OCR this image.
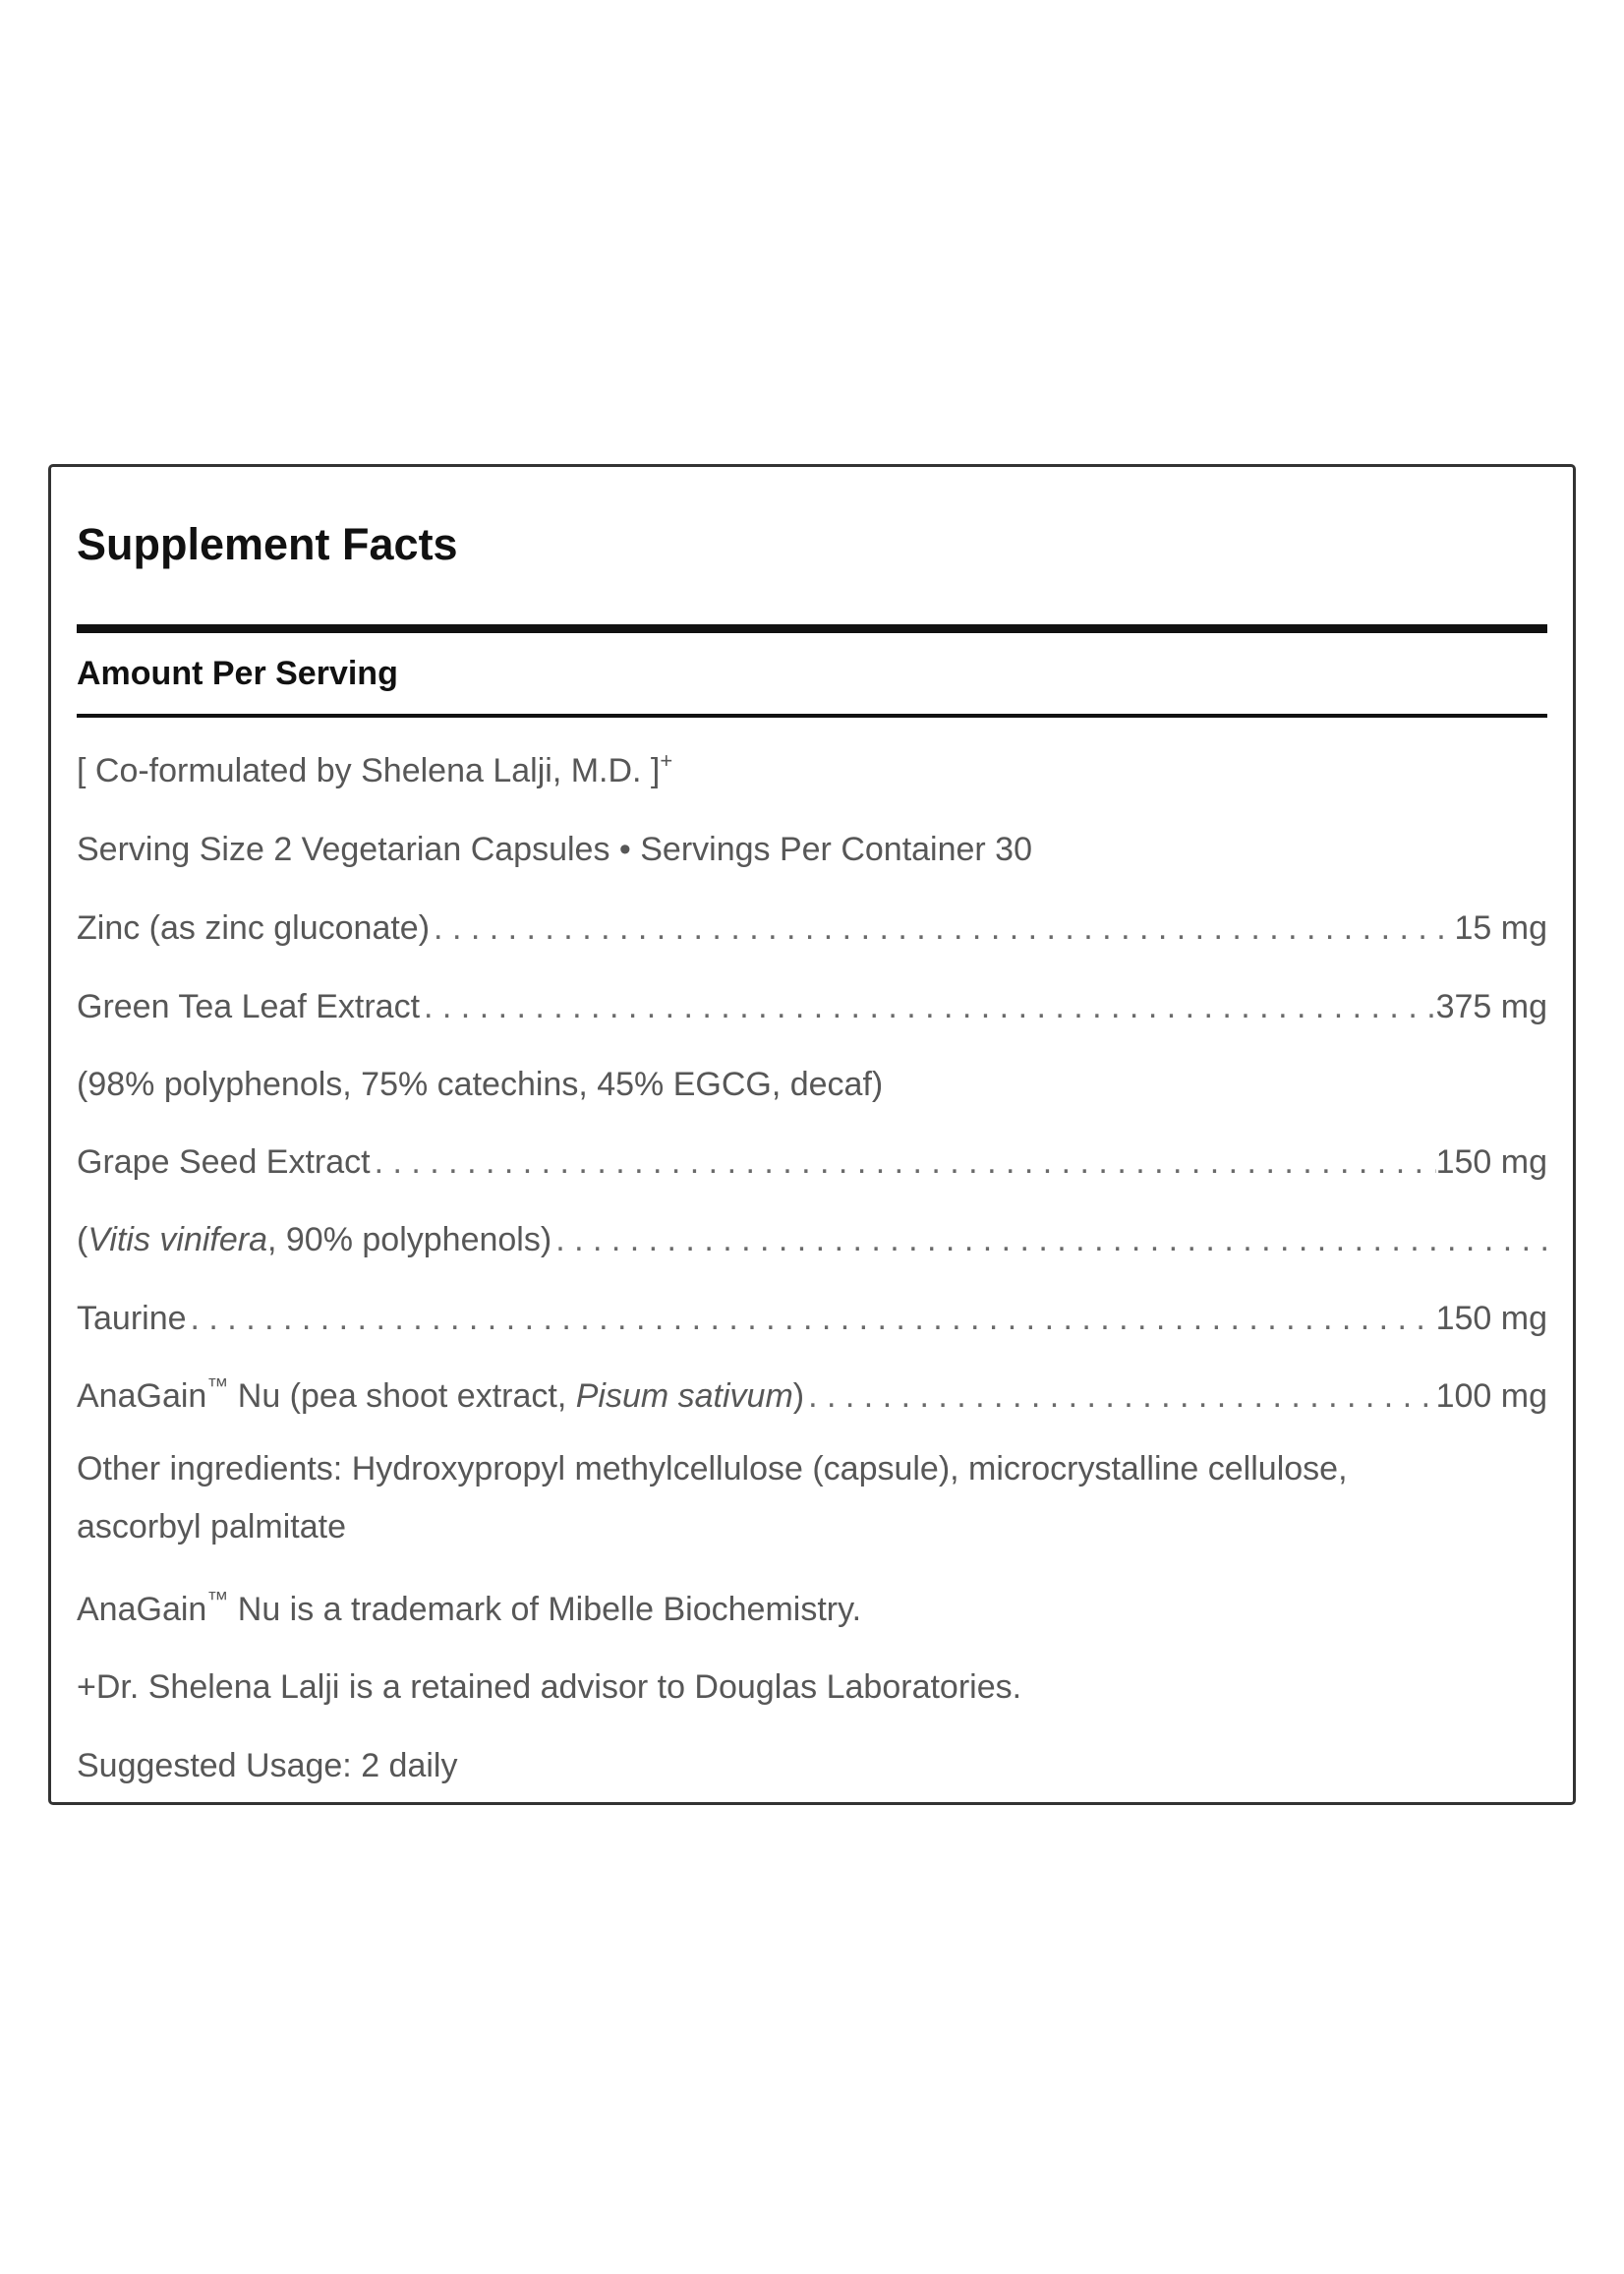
Supplement Facts
Amount Per Serving
[ Co-formulated by Shelena Lalji, M.D. ]+
Serving Size 2 Vegetarian Capsules • Servings Per Container 30
Zinc (as zinc gluconate) . . .	15 mg
Green Tea Leaf Extract . . .	375 mg
(98% polyphenols, 75% catechins, 45% EGCG, decaf)
Grape Seed Extract . . .	150 mg
(Vitis vinifera, 90% polyphenols)
. . .
Taurine . . .	150 mg
AnaGain™ Nu (pea shoot extract, Pisum sativum) . . .	100 mg
Other ingredients: Hydroxypropyl methylcellulose (capsule), microcrystalline cellulose, ascorbyl palmitate
AnaGain™ Nu is a trademark of Mibelle Biochemistry.
+Dr. Shelena Lalji is a retained advisor to Douglas Laboratories.
Suggested Usage: 2 daily
